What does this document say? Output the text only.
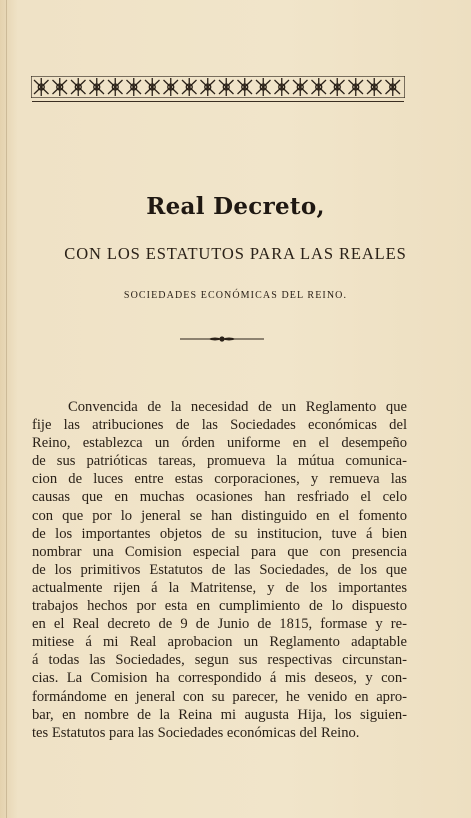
Real Decreto,
CON LOS ESTATUTOS PARA LAS REALES
SOCIEDADES ECONÓMICAS DEL REINO.
Convencida de la necesidad de un Reglamento que
fije las atribuciones de las Sociedades económicas del
Reino, establezca un órden uniforme en el desempeño
de sus patrióticas tareas, promueva la mútua comunica-
cion de luces entre estas corporaciones, y remueva las
causas que en muchas ocasiones han resfriado el celo
con que por lo jeneral se han distinguido en el fomento
de los importantes objetos de su institucion, tuve á bien
nombrar una Comision especial para que con presencia
de los primitivos Estatutos de las Sociedades, de los que
actualmente rijen á la Matritense, y de los importantes
trabajos hechos por esta en cumplimiento de lo dispuesto
en el Real decreto de 9 de Junio de 1815, formase y re-
mitiese á mi Real aprobacion un Reglamento adaptable
á todas las Sociedades, segun sus respectivas circunstan-
cias. La Comision ha correspondido á mis deseos, y con-
formándome en jeneral con su parecer, he venido en apro-
bar, en nombre de la Reina mi augusta Hija, los siguien-
tes Estatutos para las Sociedades económicas del Reino.
